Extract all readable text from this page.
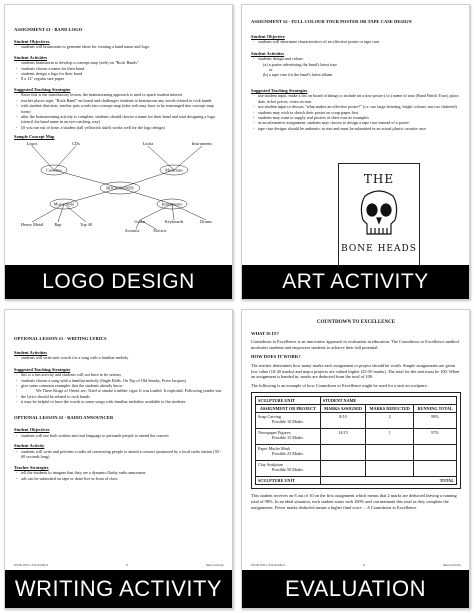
ASSIGNMENT #1 - BAND LOGO
Student Objectives
- students will brainstorm to generate ideas for creating a band name and logo.
Student Activities
- students brainstorm to develop a concept map (web) on "Rock Bands"
- students choose a name for their band
- students design a logo for their band
- 8 x 12" regular size paper
Suggested Teaching Strategies
- Since this is the introductory lesson, the brainstorming approach is used to spark student interest
- teacher places topic "Rock Band" on board and challenges students to brainstorm any words related to rock bands
- with student direction, teacher puts words into concept map (idea web may have to be rearranged into concept map form)
- after the brainstorming activity is complete, students should choose a name for their band and start designing a logo (stencil the band name in an eye-catching way)
- (If you run out of time, a student (tall yellowish shaft) works well for the logo design)
Sample Concept Map
ROCK BANDS
Cassettes	Musicians
Music Style	Instruments
Logos	CDs	Looks	Instruments
Heavy Metal	Rap	Top 40
Guitar	Keyboards	Drums
Acoustic	Electric
LOGO DESIGN
ASSIGNMENT #2 - FULL COLOUR TOUR POSTER OR TAPE CASE DESIGN
Student Objective
- students will determine characteristics of an effective poster or tape case
Student Activities
- students design and colour:
(a) a poster advertising the band's latest tour
or
(b) a tape case for the band's latest album
Suggested Teaching Strategies
- use student input, make a list on board of things to include on a tour poster (i.e.) name of tour (Band Watch Tour), place, date, ticket prices, cities on tour
- use student input to discuss "what makes an effective poster?" (i.e. use large lettering, bright colours, not too cluttered)
- students may wish to sketch their poster on scrap paper first
- students may want to supply real posters of their own as examples
- as an alternative assignment, students may choose to design a tape case instead of a poster
- tape case designs should be authentic in size and must be submitted in an actual plastic cassette case
THE
BONE HEADS
ART ACTIVITY
OPTIONAL LESSON #1 - WRITING LYRICS
Student Activities
- students will write new words for a song with a familiar melody
Suggested Teaching Strategies
- this is a fun activity and students will not have to be serious
- students choose a song with a familiar melody (Jingle Bells, On Top of Old Smoky, Frere Jacques)
- give some common examples that the students already know
- We Three Kings of Orient are, Tried to smoke a rubber cigar, It was loaded, It exploded, Following yonder star
- the lyrics should be related to rock bands
- it may be helpful to have the words to some songs with familiar melodies available to the students
OPTIONAL LESSON #2 - RADIO ANNOUNCER
Student Objectives
- students will use both written and oral language to persuade people to attend the concert
Student Activity
- students will write and perform a radio ad convincing people to attend a concert sponsored by a local radio station (30 - 60 seconds long)
Teacher Strategies
- tell the students to imagine that they are a dynamic/flashy radio announcer
- ads can be submitted on tape or done live in front of class
OSSN 978-1-55319-609-9	8	Sheet Activity
WRITING ACTIVITY
COUNTDOWN TO EXCELLENCE
WHAT IS IT?
Countdown to Excellence is an innovative approach to evaluation in education. The Countdown to Excellence method motivates students and empowers students to achieve their full potential.
HOW DOES IT WORK?
The teacher determines how many marks each assignment or project should be worth. Simple assignments are given low value (10-20 marks) and major projects are valued higher (25-50 marks). The total for the unit must be 100. When an assignment is handed in, marks are deducted from the total of 100.
The following is an example of how Countdown to Excellence might be used for a unit on sculpture.
SCULPTURE UNIT	STUDENT NAME		
ASSIGNMENT OR PROJECT	MARKS ASSIGNED	MARKS DEDUCTED	RUNNING TOTAL

Soap Carving
Possible 10 Marks	8/10	2	98%

Newspaper Figures
Possible 15 Marks	14/15	1	97%

Paper Mache Mask
Possible 25 Marks			

Clay Sculpture
Possible 50 Marks			

SCULPTURE UNIT	TOTAL		
This student receives an 8 out of 10 on the first assignment which means that 2 marks are deducted leaving a running total of 98%. In an ideal situation, each student starts with 100% and can maintain this total as they complete the assignments. Fewer marks deducted means a higher final score ... A Countdown to Excellence.
OSSN 978-1-55319-609-9	11	Sheet Activity
EVALUATION
